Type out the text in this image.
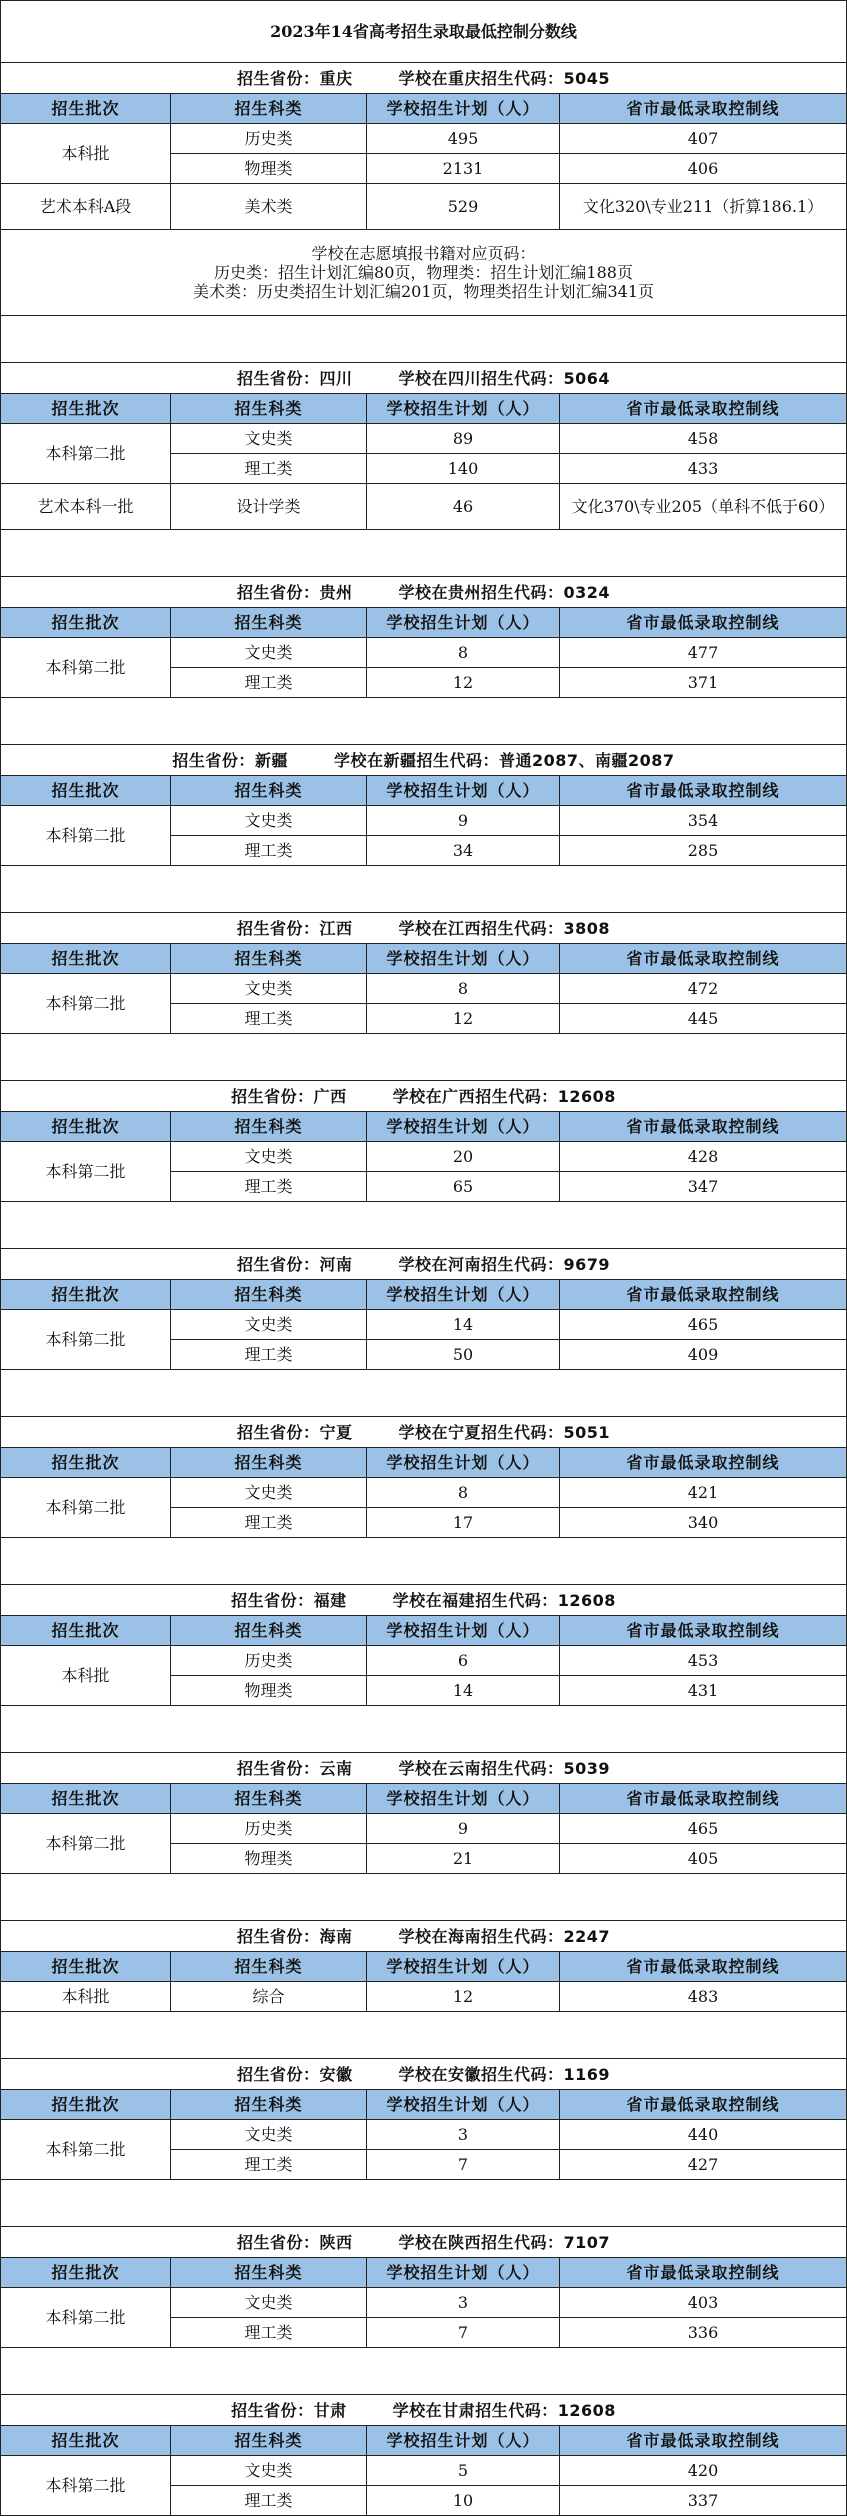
2023年14省高考招生录取最低控制分数线			
招生省份：重庆 学校在重庆招生代码：5045			
招生批次	招生科类	学校招生计划（人）	省市最低录取控制线
本科批	历史类	495	407
	物理类	2131	406
艺术本科A段	美术类	529	文化320\专业211（折算186.1）

学校在志愿填报书籍对应页码：
历史类：招生计划汇编80页，物理类：招生计划汇编188页
美术类：历史类招生计划汇编201页，物理类招生计划汇编341页			

招生省份：四川 学校在四川招生代码：5064			
招生批次	招生科类	学校招生计划（人）	省市最低录取控制线
本科第二批	文史类	89	458
	理工类	140	433
艺术本科一批	设计学类	46	文化370\专业205（单科不低于60）

招生省份：贵州 学校在贵州招生代码：0324			
招生批次	招生科类	学校招生计划（人）	省市最低录取控制线
本科第二批	文史类	8	477
	理工类	12	371

招生省份：新疆 学校在新疆招生代码：普通2087、南疆2087			
招生批次	招生科类	学校招生计划（人）	省市最低录取控制线
本科第二批	文史类	9	354
	理工类	34	285

招生省份：江西 学校在江西招生代码：3808			
招生批次	招生科类	学校招生计划（人）	省市最低录取控制线
本科第二批	文史类	8	472
	理工类	12	445

招生省份：广西 学校在广西招生代码：12608			
招生批次	招生科类	学校招生计划（人）	省市最低录取控制线
本科第二批	文史类	20	428
	理工类	65	347

招生省份：河南 学校在河南招生代码：9679			
招生批次	招生科类	学校招生计划（人）	省市最低录取控制线
本科第二批	文史类	14	465
	理工类	50	409

招生省份：宁夏 学校在宁夏招生代码：5051			
招生批次	招生科类	学校招生计划（人）	省市最低录取控制线
本科第二批	文史类	8	421
	理工类	17	340

招生省份：福建 学校在福建招生代码：12608			
招生批次	招生科类	学校招生计划（人）	省市最低录取控制线
本科批	历史类	6	453
	物理类	14	431

招生省份：云南 学校在云南招生代码：5039			
招生批次	招生科类	学校招生计划（人）	省市最低录取控制线
本科第二批	历史类	9	465
	物理类	21	405

招生省份：海南 学校在海南招生代码：2247			
招生批次	招生科类	学校招生计划（人）	省市最低录取控制线
本科批	综合	12	483

招生省份：安徽 学校在安徽招生代码：1169			
招生批次	招生科类	学校招生计划（人）	省市最低录取控制线
本科第二批	文史类	3	440
	理工类	7	427

招生省份：陕西 学校在陕西招生代码：7107			
招生批次	招生科类	学校招生计划（人）	省市最低录取控制线
本科第二批	文史类	3	403
	理工类	7	336

招生省份：甘肃 学校在甘肃招生代码：12608			
招生批次	招生科类	学校招生计划（人）	省市最低录取控制线
本科第二批	文史类	5	420
	理工类	10	337
